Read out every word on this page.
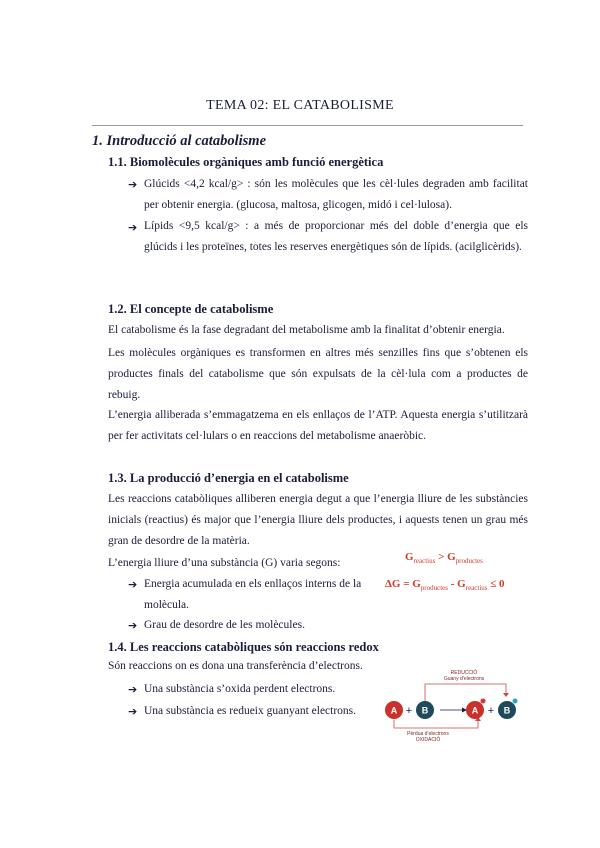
TEMA 02: EL CATABOLISME
1. Introducció al catabolisme
1.1. Biomolècules orgàniques amb funció energètica
➔ Glúcids <4,2 kcal/g> : són les molècules que les cèl·lules degraden amb facilitat per obtenir energia. (glucosa, maltosa, glicogen, midó i cel·lulosa).
➔ Lípids <9,5 kcal/g> : a més de proporcionar més del doble d’energia que els glúcids i les proteïnes, totes les reserves energètiques són de lípids. (acilglicèrids).
1.2. El concepte de catabolisme
El catabolisme és la fase degradant del metabolisme amb la finalitat d’obtenir energia.
Les molècules orgàniques es transformen en altres més senzilles fins que s’obtenen els productes finals del catabolisme que són expulsats de la cèl·lula com a productes de rebuig.
L’energia alliberada s’emmagatzema en els enllaços de l’ATP. Aquesta energia s’utilitzarà per fer activitats cel·lulars o en reaccions del metabolisme anaeròbic.
1.3. La producció d’energia en el catabolisme
Les reaccions catabòliques alliberen energia degut a que l’energia lliure de les substàncies inicials (reactius) és major que l’energia lliure dels productes, i aquests tenen un grau més gran de desordre de la matèria.
L’energia lliure d’una substància (G) varia segons:
➔ Energia acumulada en els enllaços interns de la molècula.
➔ Grau de desordre de les molècules.
$G_{reactius} > G_{productes}$
$\Delta G = G_{productes} - G_{reactius} \le 0$
1.4. Les reaccions catabòliques són reaccions redox
Són reaccions on es dona una transferència d’electrons.
➔ Una substància s’oxida perdent electrons.
➔ Una substància es redueix guanyant electrons.
REDUCCIÓ
Guany d’electrons
Pèrdua d’electrons
OXIDACIÓ
A + B	A + B
